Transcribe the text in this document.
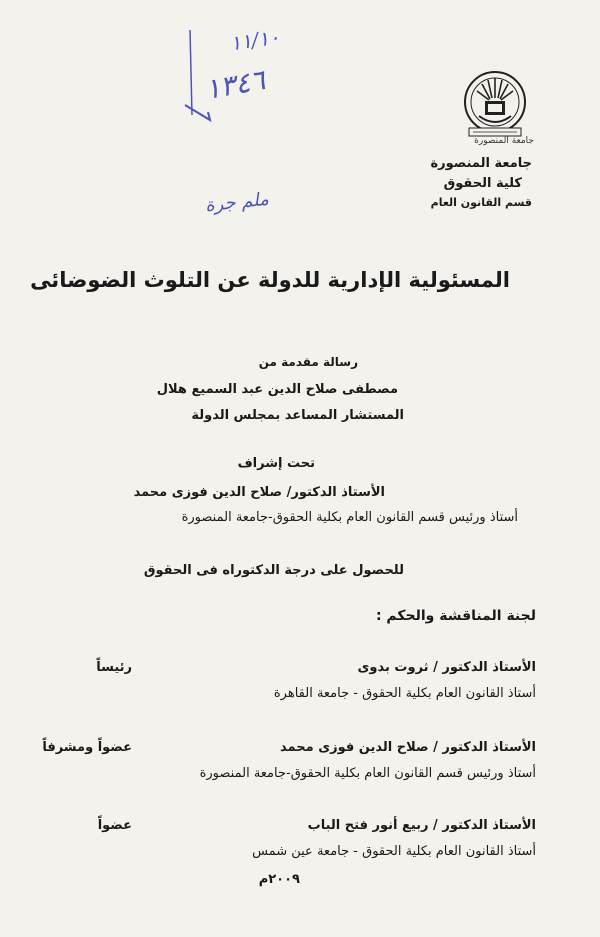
١١/١٠
١٣٤٦
ملم جرة
جامعة المنصورة
جامعة المنصورة
كلية الحقوق
قسم القانون العام
المسئولية الإدارية للدولة عن التلوث الضوضائى
رسالة مقدمة من
مصطفى صلاح الدين عبد السميع هلال
المستشار المساعد بمجلس الدولة
تحت إشراف
الأستاذ الدكتور/ صلاح الدين فوزى محمد
أستاذ ورئيس قسم القانون العام بكلية الحقوق-جامعة المنصورة
للحصول على درجة الدكتوراه فى الحقوق
لجنة المناقشة والحكم :
الأستاذ الدكتور / ثروت بدوى
رئيساً
أستاذ القانون العام بكلية الحقوق - جامعة القاهرة
الأستاذ الدكتور / صلاح الدين فوزى محمد
عضواً ومشرفاً
أستاذ ورئيس قسم القانون العام بكلية الحقوق-جامعة المنصورة
الأستاذ الدكتور / ربيع أنور فتح الباب
عضواً
أستاذ القانون العام بكلية الحقوق - جامعة عين شمس
٢٠٠٩م
